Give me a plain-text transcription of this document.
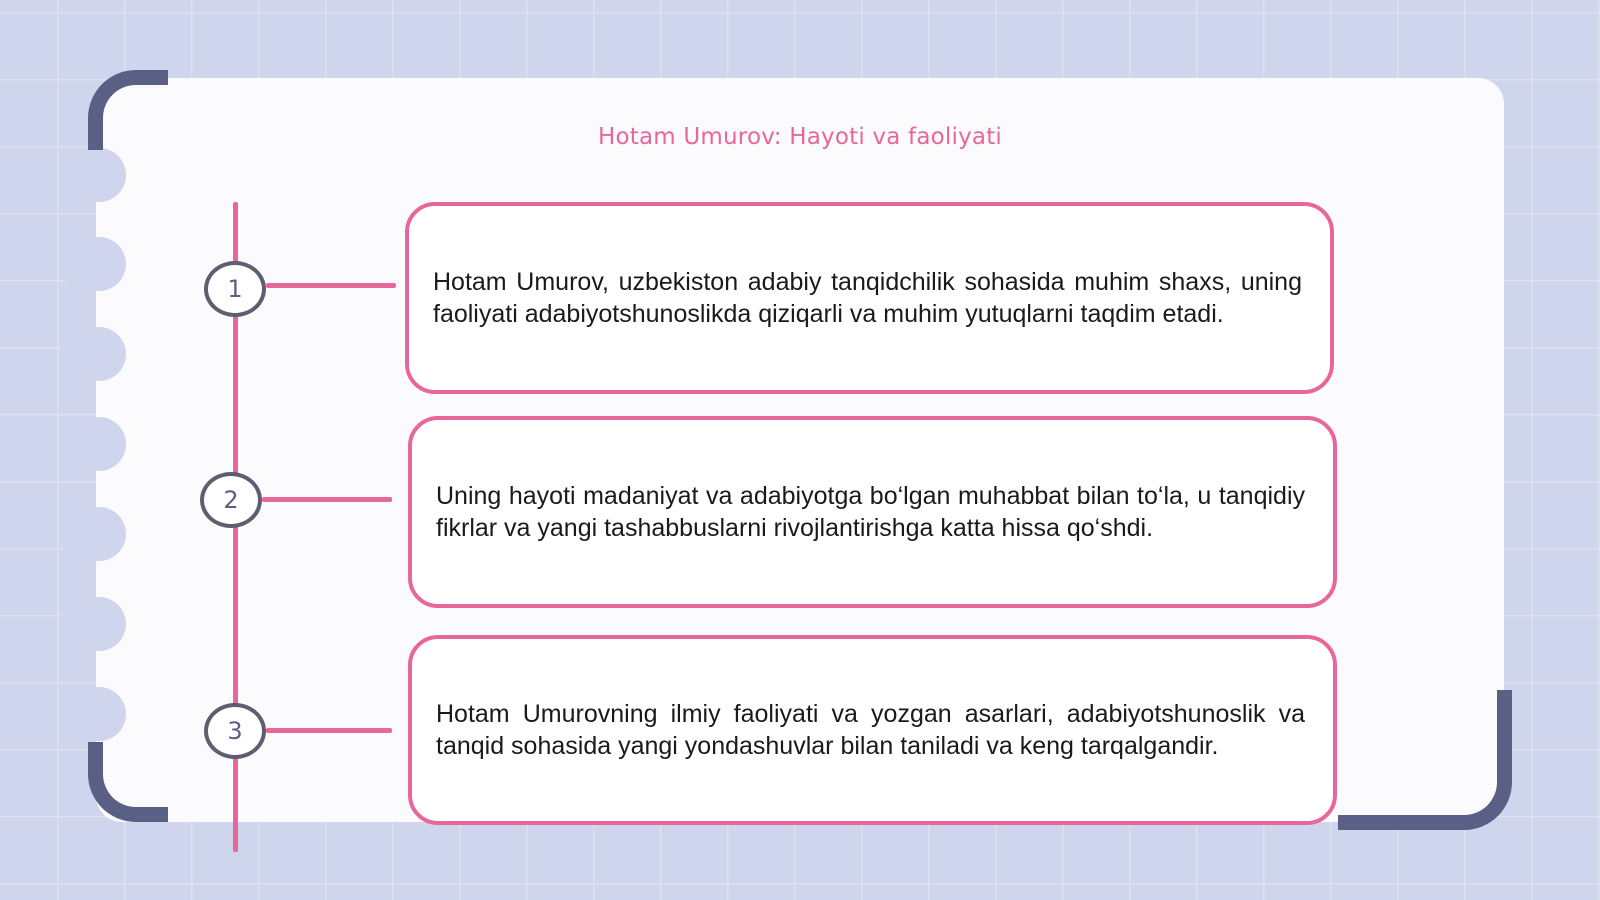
Hotam Umurov: Hayoti va faoliyati
1
2
3
Hotam Umurov, uzbekiston adabiy tanqidchilik sohasida muhim shaxs, uning faoliyati adabiyotshunoslikda qiziqarli va muhim yutuqlarni taqdim etadi.
Uning hayoti madaniyat va adabiyotga bo‘lgan muhabbat bilan to‘la, u tanqidiy fikrlar va yangi tashabbuslarni rivojlantirishga katta hissa qo‘shdi.
Hotam Umurovning ilmiy faoliyati va yozgan asarlari, adabiyotshunoslik va tanqid sohasida yangi yondashuvlar bilan taniladi va keng tarqalgandir.
